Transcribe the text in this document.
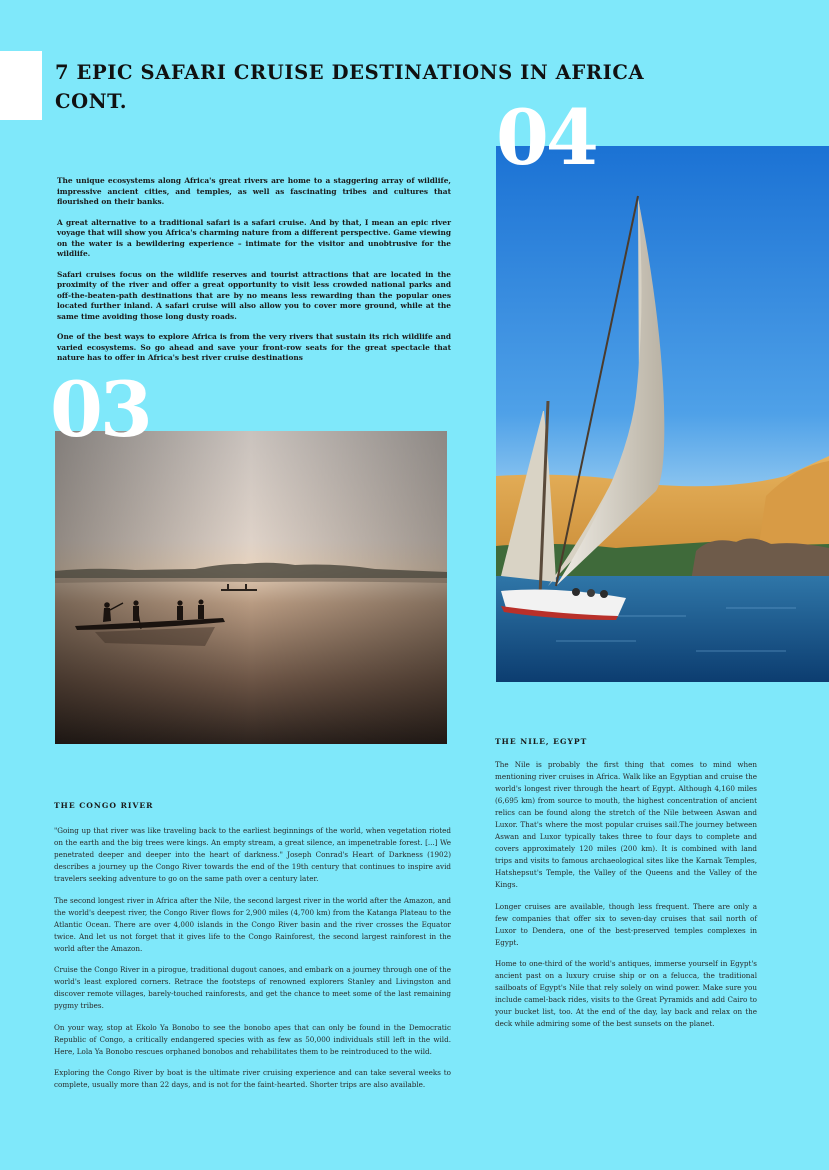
7 EPIC SAFARI CRUISE DESTINATIONS IN AFRICA CONT.

The unique ecosystems along Africa's great rivers are home to a staggering array of wildlife, impressive ancient cities, and temples, as well as fascinating tribes and cultures that flourished on their banks.

A great alternative to a traditional safari is a safari cruise. And by that, I mean an epic river voyage that will show you Africa's charming nature from a different perspective. Game viewing on the water is a bewildering experience – intimate for the visitor and unobtrusive for the wildlife.

Safari cruises focus on the wildlife reserves and tourist attractions that are located in the proximity of the river and offer a great opportunity to visit less crowded national parks and off-the-beaten-path destinations that are by no means less rewarding than the popular ones located further inland. A safari cruise will also allow you to cover more ground, while at the same time avoiding those long dusty roads.

One of the best ways to explore Africa is from the very rivers that sustain its rich wildlife and varied ecosystems. So go ahead and save your front-row seats for the great spectacle that nature has to offer in Africa's best river cruise destinations

03
04
THE CONGO RIVER

"Going up that river was like traveling back to the earliest beginnings of the world, when vegetation rioted on the earth and the big trees were kings. An empty stream, a great silence, an impenetrable forest. [...] We penetrated deeper and deeper into the heart of darkness." Joseph Conrad's Heart of Darkness (1902) describes a journey up the Congo River towards the end of the 19th century that continues to inspire avid travelers seeking adventure to go on the same path over a century later.

The second longest river in Africa after the Nile, the second largest river in the world after the Amazon, and the world's deepest river, the Congo River flows for 2,900 miles (4,700 km) from the Katanga Plateau to the Atlantic Ocean. There are over 4,000 islands in the Congo River basin and the river crosses the Equator twice. And let us not forget that it gives life to the Congo Rainforest, the second largest rainforest in the world after the Amazon.

Cruise the Congo River in a pirogue, traditional dugout canoes, and embark on a journey through one of the world's least explored corners. Retrace the footsteps of renowned explorers Stanley and Livingston and discover remote villages, barely-touched rainforests, and get the chance to meet some of the last remaining pygmy tribes.

On your way, stop at Ekolo Ya Bonobo to see the bonobo apes that can only be found in the Democratic Republic of Congo, a critically endangered species with as few as 50,000 individuals still left in the wild. Here, Lola Ya Bonobo rescues orphaned bonobos and rehabilitates them to be reintroduced to the wild.

Exploring the Congo River by boat is the ultimate river cruising experience and can take several weeks to complete, usually more than 22 days, and is not for the faint-hearted. Shorter trips are also available.

THE NILE, EGYPT

The Nile is probably the first thing that comes to mind when mentioning river cruises in Africa. Walk like an Egyptian and cruise the world's longest river through the heart of Egypt. Although 4,160 miles (6,695 km) from source to mouth, the highest concentration of ancient relics can be found along the stretch of the Nile between Aswan and Luxor. That's where the most popular cruises sail.The journey between Aswan and Luxor typically takes three to four days to complete and covers approximately 120 miles (200 km). It is combined with land trips and visits to famous archaeological sites like the Karnak Temples, Hatshepsut's Temple, the Valley of the Queens and the Valley of the Kings.

Longer cruises are available, though less frequent. There are only a few companies that offer six to seven-day cruises that sail north of Luxor to Dendera, one of the best-preserved temples complexes in Egypt.

Home to one-third of the world's antiques, immerse yourself in Egypt's ancient past on a luxury cruise ship or on a felucca, the traditional sailboats of Egypt's Nile that rely solely on wind power. Make sure you include camel-back rides, visits to the Great Pyramids and add Cairo to your bucket list, too. At the end of the day, lay back and relax on the deck while admiring some of the best sunsets on the planet.
